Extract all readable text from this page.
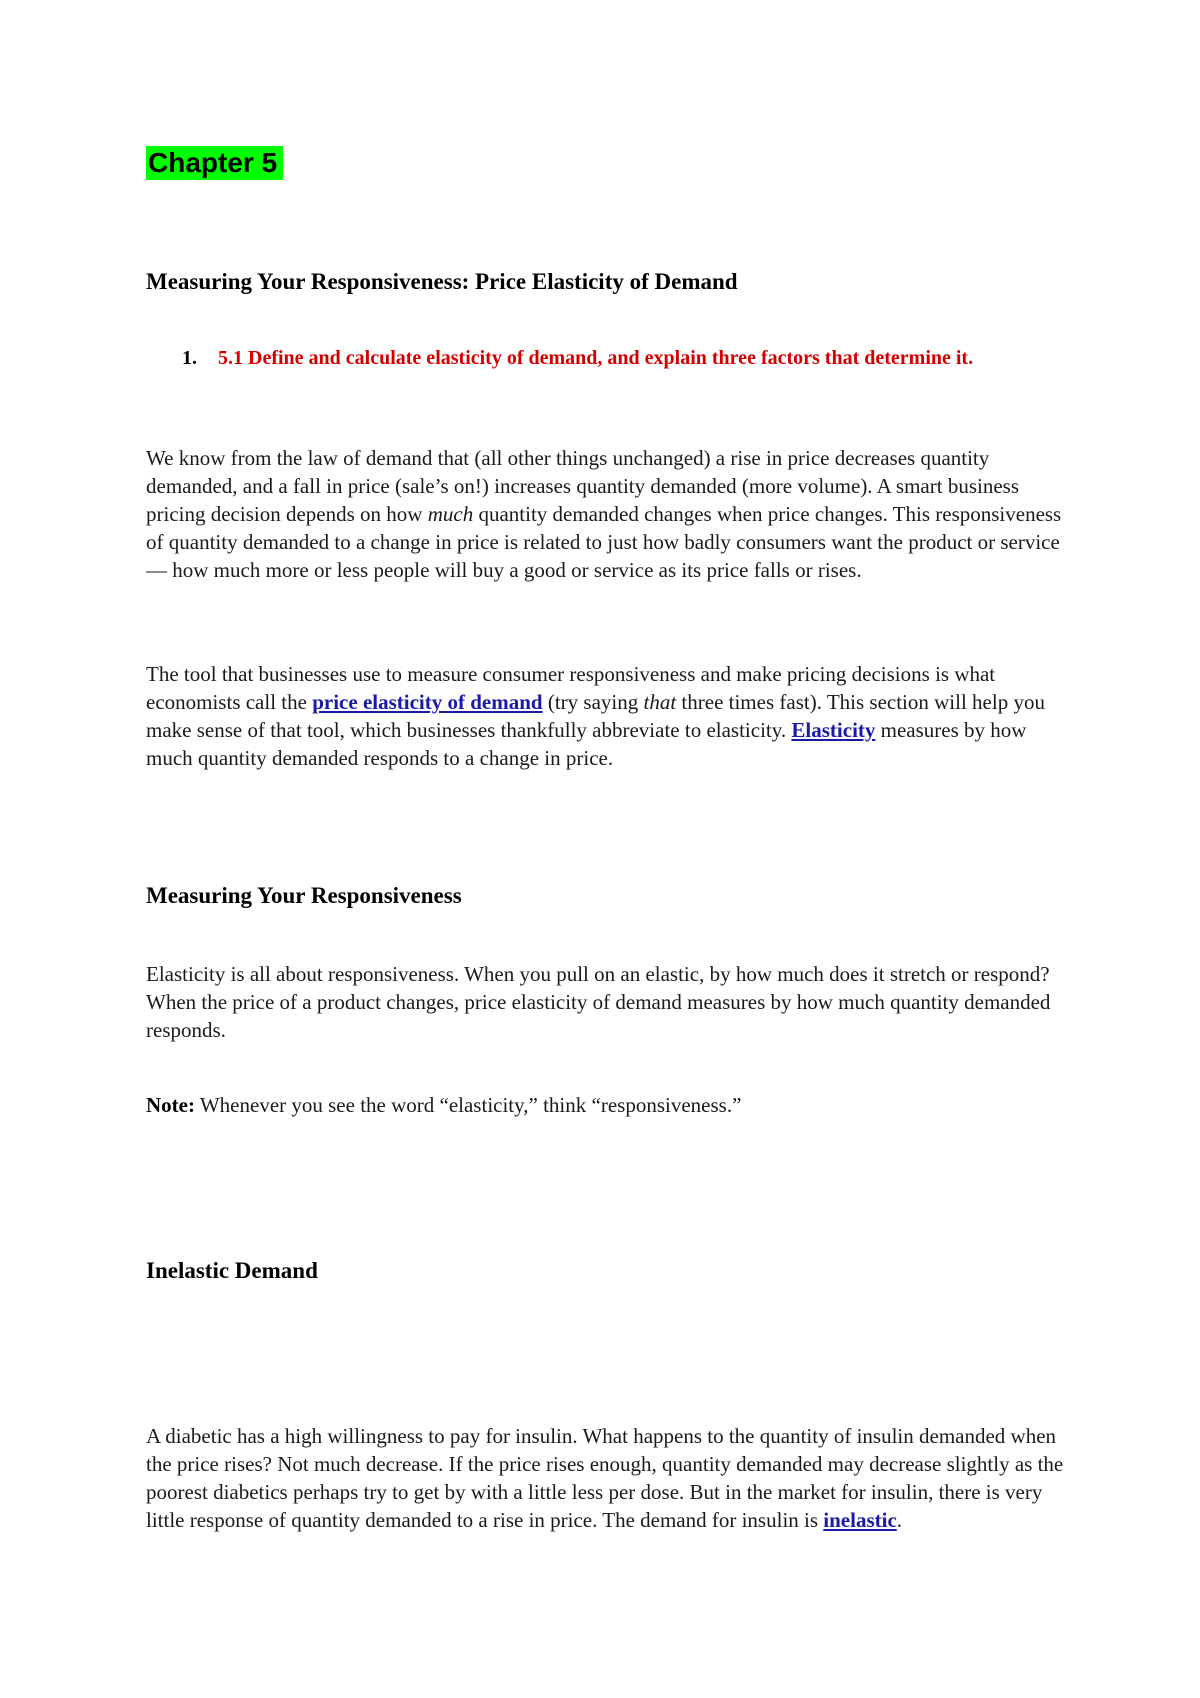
Chapter 5
Measuring Your Responsiveness: Price Elasticity of Demand
1. 5.1 Define and calculate elasticity of demand, and explain three factors that determine it.

We know from the law of demand that (all other things unchanged) a rise in price decreases quantity demanded, and a fall in price (sale’s on!) increases quantity demanded (more volume). A smart business pricing decision depends on how much quantity demanded changes when price changes. This responsiveness of quantity demanded to a change in price is related to just how badly consumers want the product or service — how much more or less people will buy a good or service as its price falls or rises.

The tool that businesses use to measure consumer responsiveness and make pricing decisions is what economists call the price elasticity of demand (try saying that three times fast). This section will help you make sense of that tool, which businesses thankfully abbreviate to elasticity. Elasticity measures by how much quantity demanded responds to a change in price.

Measuring Your Responsiveness

Elasticity is all about responsiveness. When you pull on an elastic, by how much does it stretch or respond? When the price of a product changes, price elasticity of demand measures by how much quantity demanded responds.

Note: Whenever you see the word “elasticity,” think “responsiveness.”

Inelastic Demand

A diabetic has a high willingness to pay for insulin. What happens to the quantity of insulin demanded when the price rises? Not much decrease. If the price rises enough, quantity demanded may decrease slightly as the poorest diabetics perhaps try to get by with a little less per dose. But in the market for insulin, there is very little response of quantity demanded to a rise in price. The demand for insulin is inelastic.
